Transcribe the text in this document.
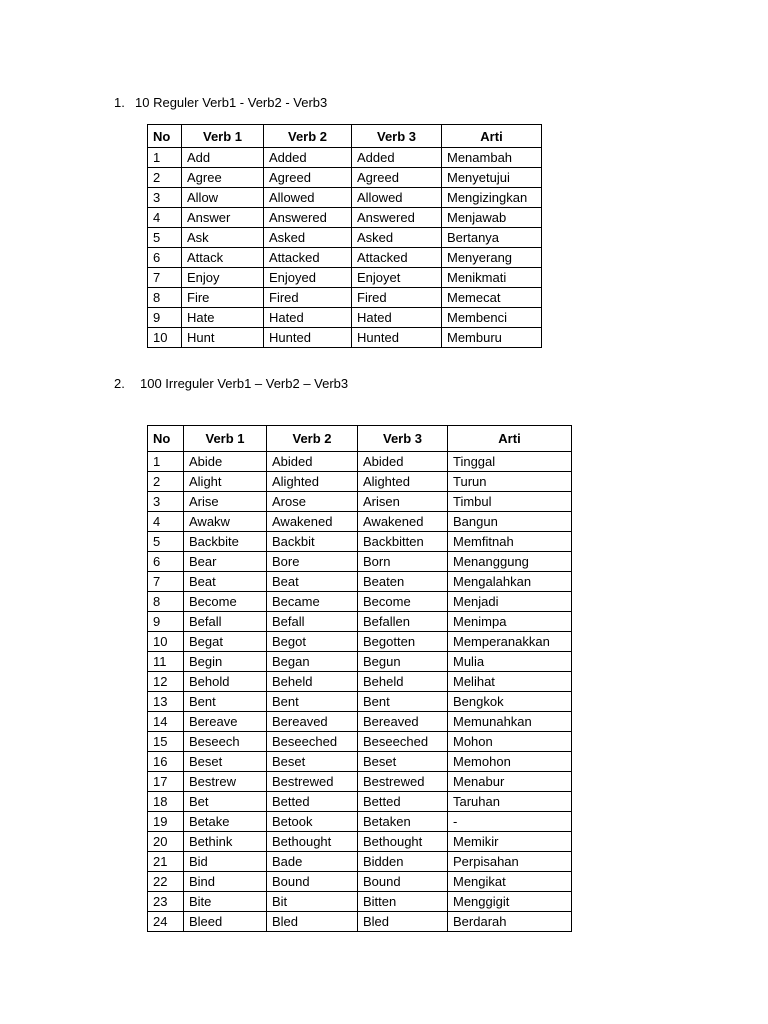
1. 10 Reguler Verb1 - Verb2 - Verb3
No	Verb 1	Verb 2	Verb 3	Arti
1	Add	Added	Added	Menambah
2	Agree	Agreed	Agreed	Menyetujui
3	Allow	Allowed	Allowed	Mengizingkan
4	Answer	Answered	Answered	Menjawab
5	Ask	Asked	Asked	Bertanya
6	Attack	Attacked	Attacked	Menyerang
7	Enjoy	Enjoyed	Enjoyet	Menikmati
8	Fire	Fired	Fired	Memecat
9	Hate	Hated	Hated	Membenci
10	Hunt	Hunted	Hunted	Memburu
2. 100 Irreguler Verb1 – Verb2 – Verb3
No	Verb 1	Verb 2	Verb 3	Arti
1	Abide	Abided	Abided	Tinggal
2	Alight	Alighted	Alighted	Turun
3	Arise	Arose	Arisen	Timbul
4	Awakw	Awakened	Awakened	Bangun
5	Backbite	Backbit	Backbitten	Memfitnah
6	Bear	Bore	Born	Menanggung
7	Beat	Beat	Beaten	Mengalahkan
8	Become	Became	Become	Menjadi
9	Befall	Befall	Befallen	Menimpa
10	Begat	Begot	Begotten	Memperanakkan
11	Begin	Began	Begun	Mulia
12	Behold	Beheld	Beheld	Melihat
13	Bent	Bent	Bent	Bengkok
14	Bereave	Bereaved	Bereaved	Memunahkan
15	Beseech	Beseeched	Beseeched	Mohon
16	Beset	Beset	Beset	Memohon
17	Bestrew	Bestrewed	Bestrewed	Menabur
18	Bet	Betted	Betted	Taruhan
19	Betake	Betook	Betaken	-
20	Bethink	Bethought	Bethought	Memikir
21	Bid	Bade	Bidden	Perpisahan
22	Bind	Bound	Bound	Mengikat
23	Bite	Bit	Bitten	Menggigit
24	Bleed	Bled	Bled	Berdarah
